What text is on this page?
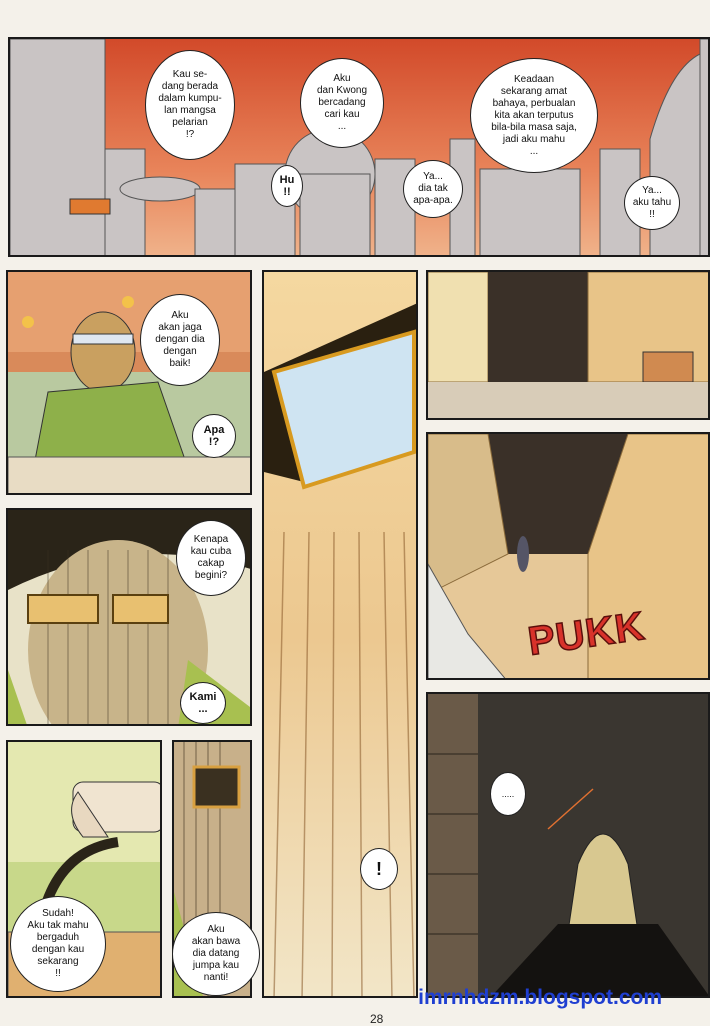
PUKK
Kau se-
dang berada
dalam kumpu-
lan mangsa
pelarian
!?
Aku
dan Kwong
bercadang
cari kau
...
Hu
!!
Ya...
dia tak
apa-apa.
Keadaan
sekarang amat
bahaya, perbualan
kita akan terputus
bila-bila masa saja,
jadi aku mahu
...
Ya...
aku tahu
!!
Aku
akan jaga
dengan dia
dengan
baik!
Apa
!?
Kenapa
kau cuba
cakap
begini?
Kami
...
Sudah!
Aku tak mahu
bergaduh
dengan kau
sekarang
!!
Aku
akan bawa
dia datang
jumpa kau
nanti!
!
.....
imrnhdzm.blogspot.com
28
